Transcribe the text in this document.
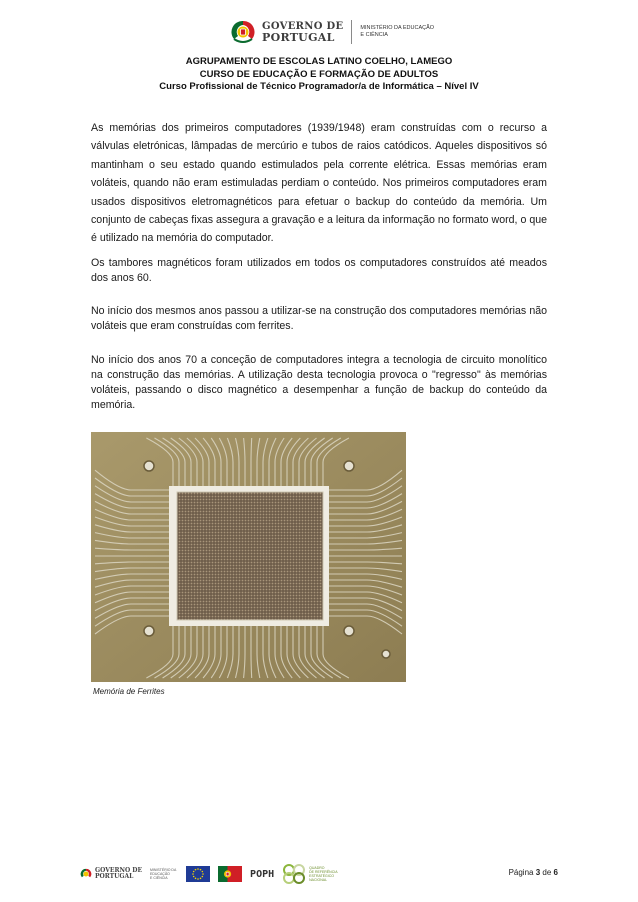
GOVERNO DE
PORTUGAL
MINISTÉRIO DA EDUCAÇÃO
E CIÊNCIA
AGRUPAMENTO DE ESCOLAS LATINO COELHO, LAMEGO
CURSO DE EDUCAÇÃO E FORMAÇÃO DE ADULTOS
Curso Profissional de Técnico Programador/a de Informática – Nível IV

As memórias dos primeiros computadores (1939/1948) eram construídas com o recurso a válvulas eletrónicas, lâmpadas de mercúrio e tubos de raios catódicos. Aqueles dispositivos só mantinham o seu estado quando estimulados pela corrente elétrica. Essas memórias eram voláteis, quando não eram estimuladas perdiam o conteúdo. Nos primeiros computadores eram usados dispositivos eletromagnéticos para efetuar o backup do conteúdo da memória. Um conjunto de cabeças fixas assegura a gravação e a leitura da informação no formato word, o que é utilizado na memória do computador.

Os tambores magnéticos foram utilizados em todos os computadores construídos até meados dos anos 60.

No início dos mesmos anos passou a utilizar-se na construção dos computadores memórias não voláteis que eram construídas com ferrites.

No início dos anos 70 a conceção de computadores integra a tecnologia de circuito monolítico na construção das memórias. A utilização desta tecnologia provoca o "regresso" às memórias voláteis, passando o disco magnético a desempenhar a função de backup do conteúdo da memória.

Memória de Ferrites
GOVERNO DE
PORTUGAL
MINISTÉRIO DA EDUCAÇÃO
E CIÊNCIA	POPH
QUADRO
DE REFERÊNCIA
ESTRATÉGICO
NACIONAL
Página 3 de 6
